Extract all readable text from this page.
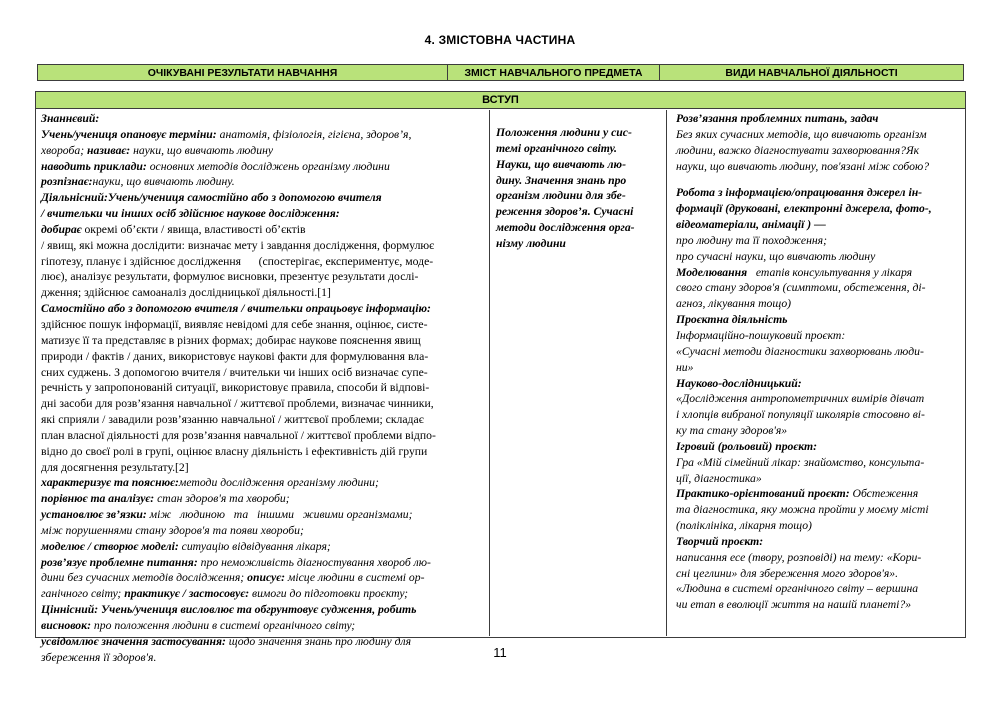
4. ЗМІСТОВНА ЧАСТИНА
ОЧІКУВАНІ РЕЗУЛЬТАТИ НАВЧАННЯ	ЗМІСТ НАВЧАЛЬНОГО ПРЕДМЕТА	ВИДИ НАВЧАЛЬНОЇ ДІЯЛЬНОСТІ
ВСТУП
Знаннєвий:
Учень/учениця опановує терміни: анатомія, фізіологія, гігієна, здоров’я,
хвороба; називає: науки, що вивчають людину
наводить приклади: основних методів досліджень організму людини
розпізнає:науки, що вивчають людину.
Діяльнісний:Учень/учениця самостійно або з допомогою вчителя
/ вчительки чи інших осіб здійснює наукове дослідження:
добирає окремі об’єкти / явища, властивості об’єктів
/ явищ, які можна дослідити: визначає мету і завдання дослідження, формулює
гіпотезу, планує і здійснює дослідження      (спостерігає, експериментує, моде-
лює), аналізує результати, формулює висновки, презентує результати дослі-
дження; здійснює самоаналіз дослідницької діяльності.[1]
Самостійно або з допомогою вчителя / вчительки опрацьовує інформацію:
здійснює пошук інформації, виявляє невідомі для себе знання, оцінює, систе-
матизує її та представляє в різних формах; добирає наукове пояснення явищ
природи / фактів / даних, використовує наукові факти для формулювання вла-
сних суджень. З допомогою вчителя / вчительки чи інших осіб визначає супе-
речність у запропонованій ситуації, використовує правила, способи й відпові-
дні засоби для розв’язання навчальної / життєвої проблеми, визначає чинники,
які сприяли / завадили розв’язанню навчальної / життєвої проблеми; складає
план власної діяльності для розв’язання навчальної / життєвої проблеми відпо-
відно до своєї ролі в групі, оцінює власну діяльність і ефективність дій групи
для досягнення результату.[2]
характеризує та пояснює:методи дослідження організму людини;
порівнює та аналізує: стан здоров'я та хвороби;
установлює зв’язки: між   людиною   та   іншими   живими організмами;
між порушеннями стану здоров'я та появи хвороби;
моделює / створює моделі: ситуацію відвідування лікаря;
розв’язує проблемне питання: про неможливість діагностування хвороб лю-
дини без сучасних методів дослідження; описує: місце людини в системі ор-
ганічного світу; практикує / застосовує: вимоги до підготовки проєкту;
Ціннісний: Учень/учениця висловлює та обгрунтовує судження, робить
висновок: про положення людини в системі органічного світу;
усвідомлює значення застосування: щодо значення знань про людину для
збереження її здоров'я.
Положення людини у сис-
темі органічного світу.
Науки, що вивчають лю-
дину. Значення знань про
організм людини для збе-
реження здоров’я. Сучасні
методи дослідження орга-
нізму людини
Розв’язання проблемних питань, задач
Без яких сучасних методів, що вивчають організм
людини, важко діагностувати захворювання?Як
науки, що вивчають людину, пов'язані між собою?
Робота з інформацією/опрацювання джерел ін-
формації (друковані, електронні джерела, фото-,
відеоматеріали, анімації ) —
про людину та її походження;
про сучасні науки, що вивчають людину
Моделювання   етапів консультування у лікаря
свого стану здоров'я (симптоми, обстеження, ді-
агноз, лікування тощо)
Проєктна діяльність
Інформаційно-пошуковий проєкт:
«Сучасні методи діагностики захворювань люди-
ни»
Науково-дослідницький:
«Дослідження антропометричних вимірів дівчат
і хлопців вибраної популяції школярів стосовно ві-
ку та стану здоров'я»
Ігровий (рольовий) проєкт:
Гра «Мій сімейний лікар: знайомство, консульта-
ції, діагностика»
Практико-орієнтований проєкт: Обстеження
та діагностика, яку можна пройти у моєму місті
(поліклініка, лікарня тощо)
Творчий проєкт:
написання есе (твору, розповіді) на тему: «Кори-
сні цеглини» для збереження мого здоров'я».
«Людина в системі органічного світу – вершина
чи етап в еволюції життя на нашій планеті?»
11
